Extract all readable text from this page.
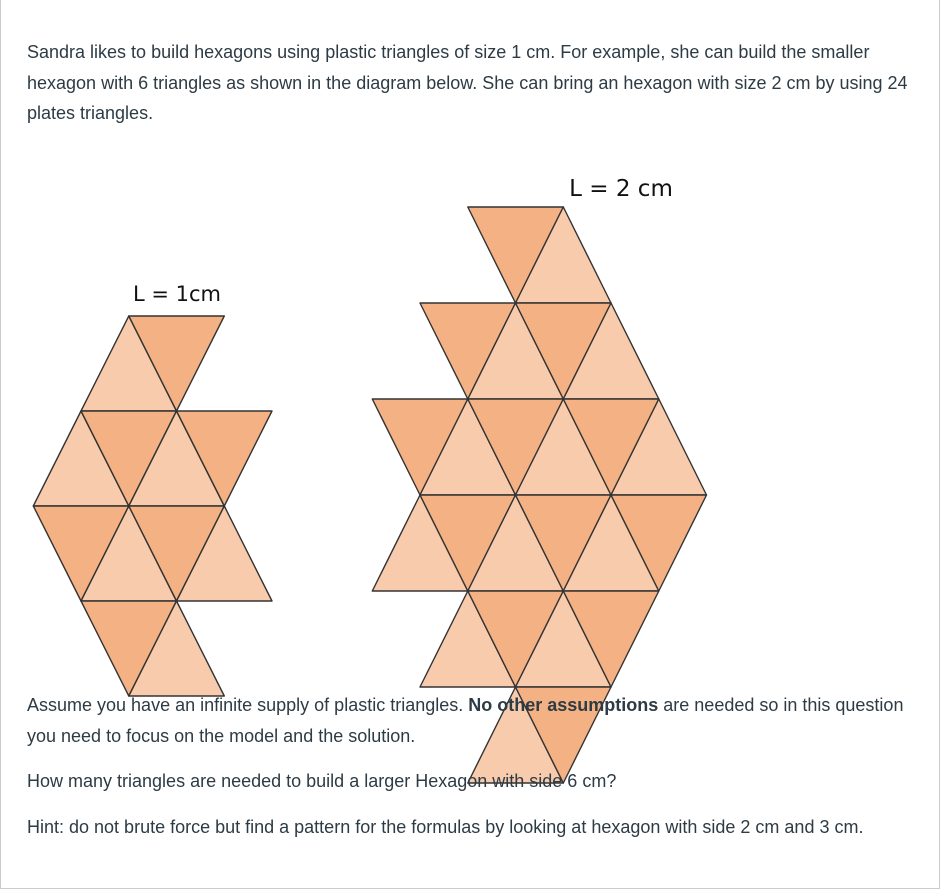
Sandra likes to build hexagons using plastic triangles of size 1 cm. For example, she can build the smaller hexagon with 6 triangles as shown in the diagram below. She can bring an hexagon with size 2 cm by using 24 plates triangles.

L = 1cm
L = 2 cm

Assume you have an infinite supply of plastic triangles. No other assumptions are needed so in this question you need to focus on the model and the solution.

How many triangles are needed to build a larger Hexagon with side 6 cm?

Hint: do not brute force but find a pattern for the formulas by looking at hexagon with side 2 cm and 3 cm.
